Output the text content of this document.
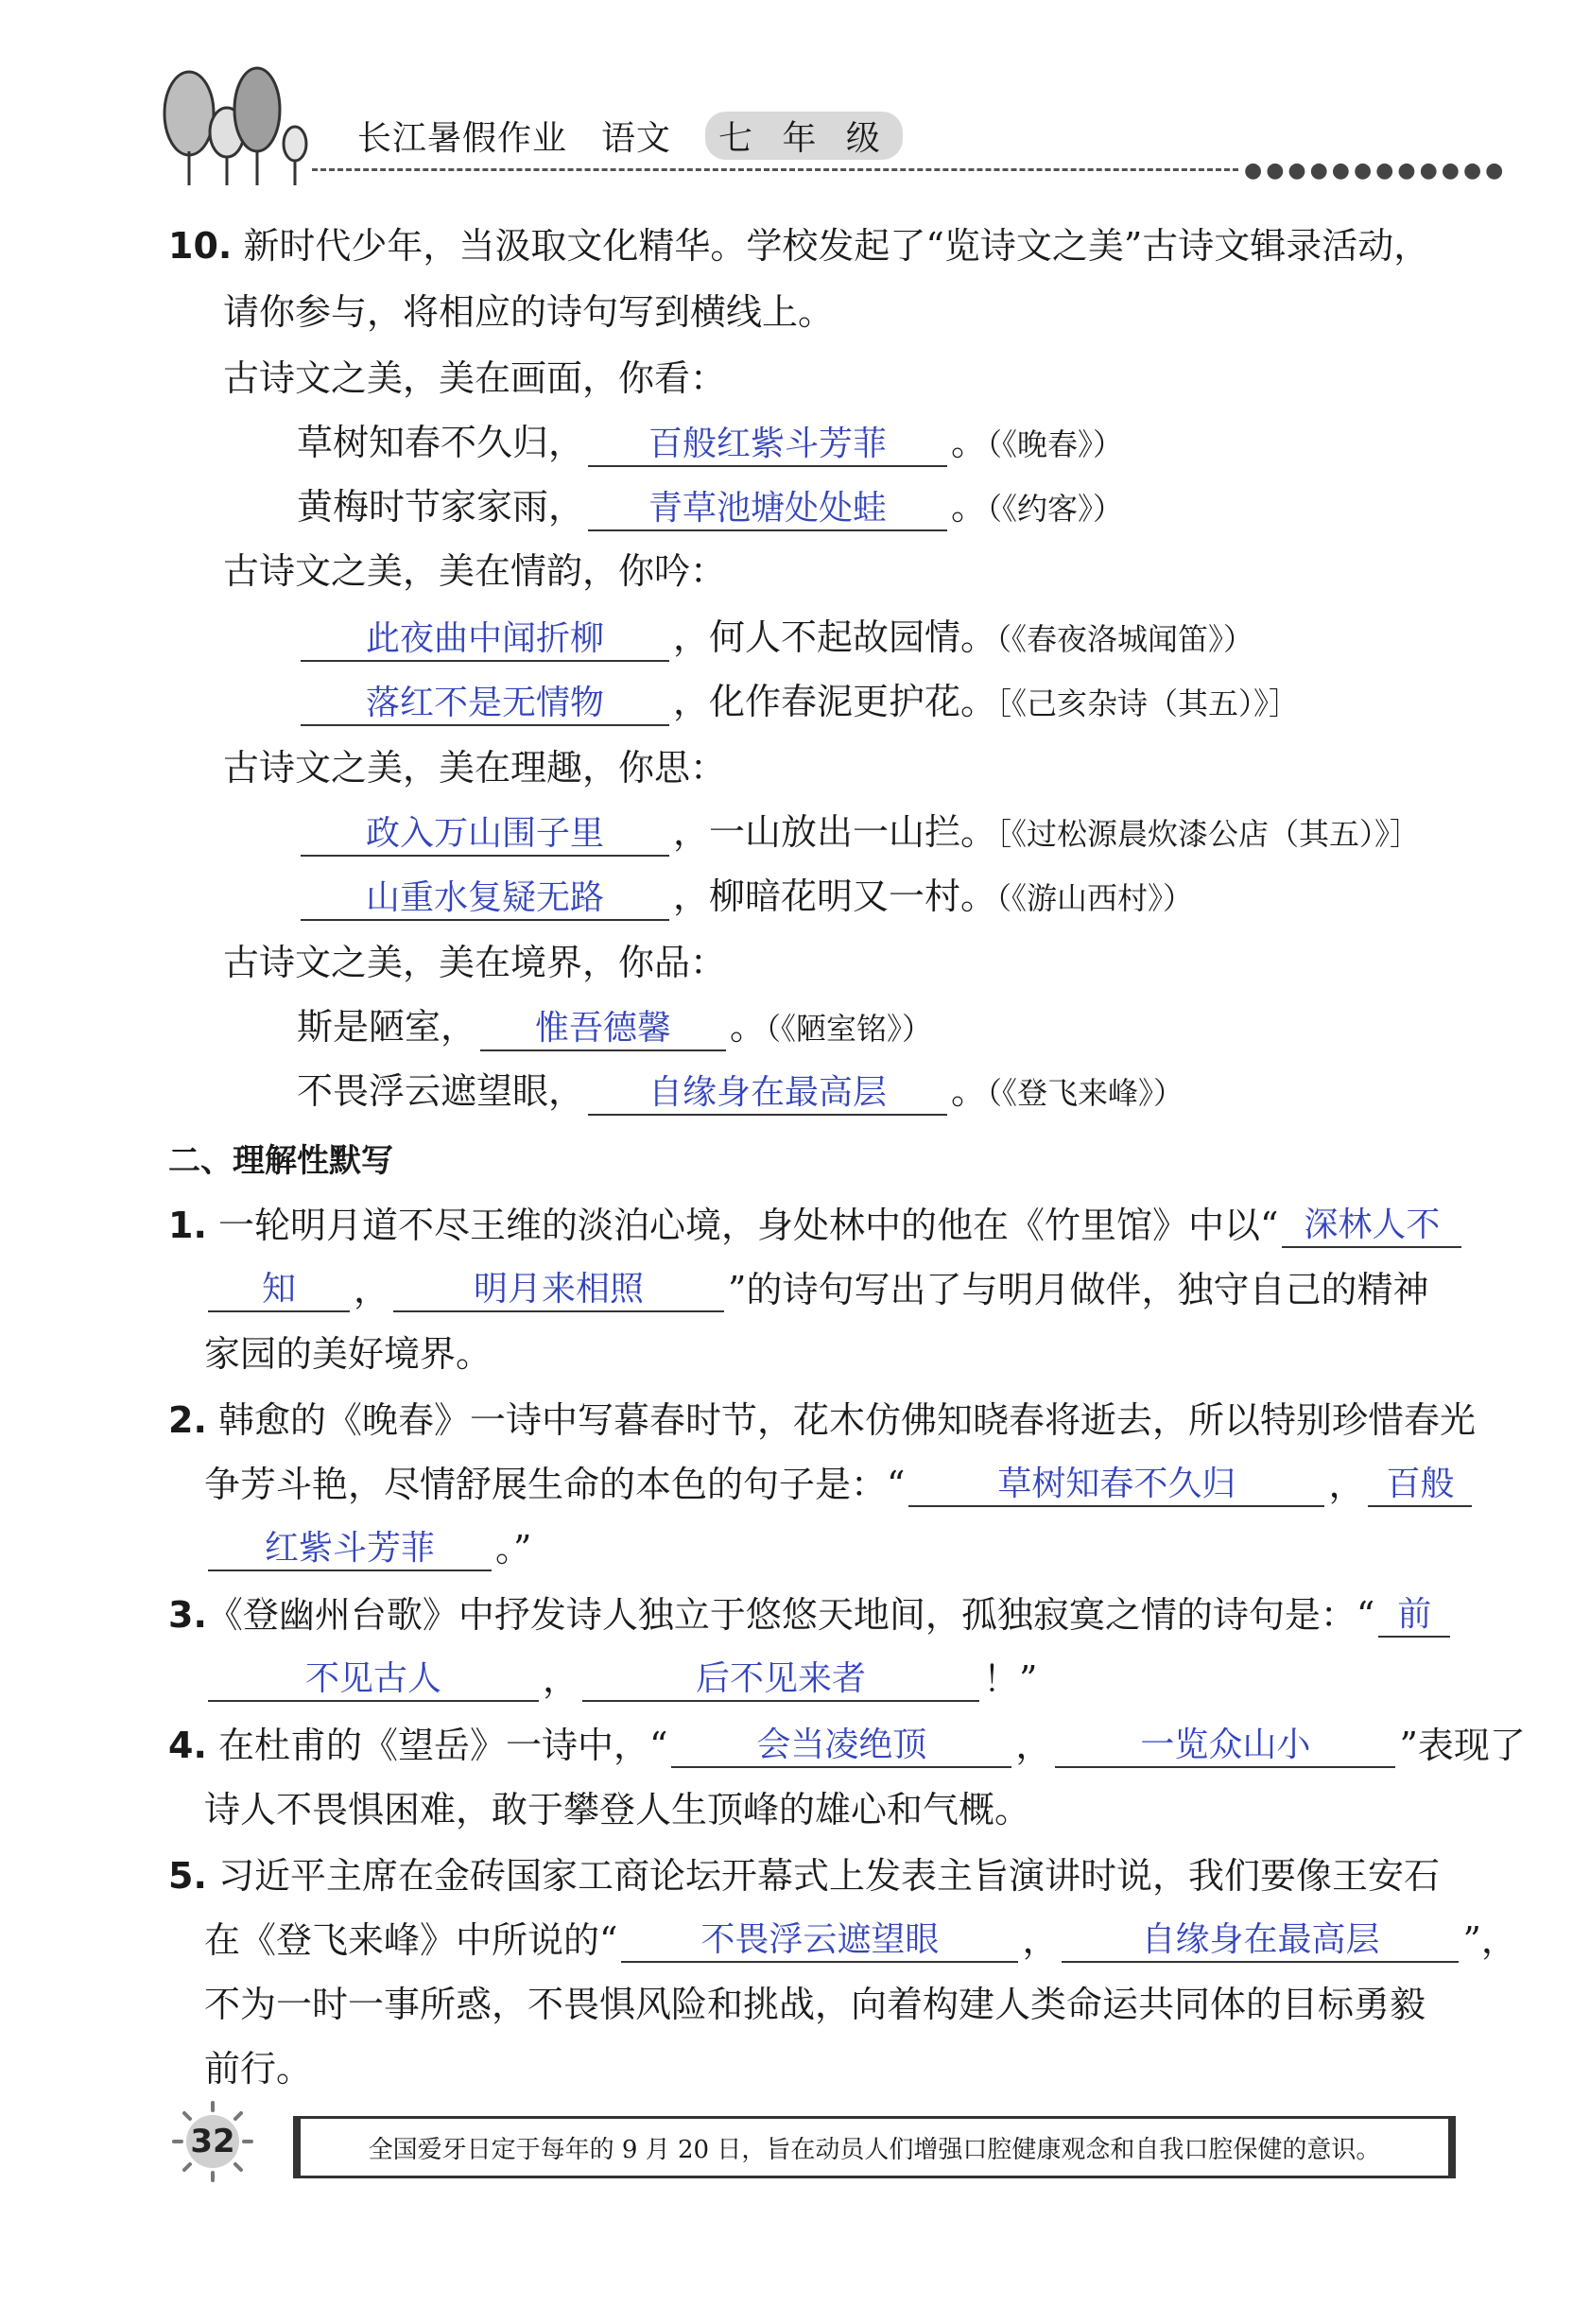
长江暑假作业 语文 七 年 级
●●●●●●●●●●●●
10. 新时代少年，当汲取文化精华。学校发起了“览诗文之美”古诗文辑录活动，
请你参与，将相应的诗句写到横线上。
古诗文之美，美在画面，你看：
草树知春不久归， 百般红紫斗芳菲 。（《晚春》）
黄梅时节家家雨， 青草池塘处处蛙 。（《约客》）
古诗文之美，美在情韵，你吟：
此夜曲中闻折柳 ，何人不起故园情。（《春夜洛城闻笛》）
落红不是无情物 ，化作春泥更护花。［《己亥杂诗（其五）》］
古诗文之美，美在理趣，你思：
政入万山围子里 ，一山放出一山拦。［《过松源晨炊漆公店（其五）》］
山重水复疑无路 ，柳暗花明又一村。（《游山西村》）
古诗文之美，美在境界，你品：
斯是陋室， 惟吾德馨 。（《陋室铭》）
不畏浮云遮望眼， 自缘身在最高层 。（《登飞来峰》）
二、理解性默写
1. 一轮明月道不尽王维的淡泊心境，身处林中的他在《竹里馆》中以“ 深林人不
知 ， 明月来相照 ”的诗句写出了与明月做伴，独守自己的精神
家园的美好境界。
2. 韩愈的《晚春》一诗中写暮春时节，花木仿佛知晓春将逝去，所以特别珍惜春光
争芳斗艳，尽情舒展生命的本色的句子是：“	草树知春不久归	， 百般
红紫斗芳菲 。”
3.《登幽州台歌》中抒发诗人独立于悠悠天地间，孤独寂寞之情的诗句是：“ 前
不见古人	，	后不见来者	！”
4. 在杜甫的《望岳》一诗中，“	会当凌绝顶 ，	一览众山小 ”表现了
诗人不畏惧困难，敢于攀登人生顶峰的雄心和气概。
5. 习近平主席在金砖国家工商论坛开幕式上发表主旨演讲时说，我们要像王安石
在《登飞来峰》中所说的“ 不畏浮云遮望眼 ， 自缘身在最高层 ”，
不为一时一事所惑，不畏惧风险和挑战，向着构建人类命运共同体的目标勇毅
前行。
32	全国爱牙日定于每年的 9 月 20 日，旨在动员人们增强口腔健康观念和自我口腔保健的意识。
